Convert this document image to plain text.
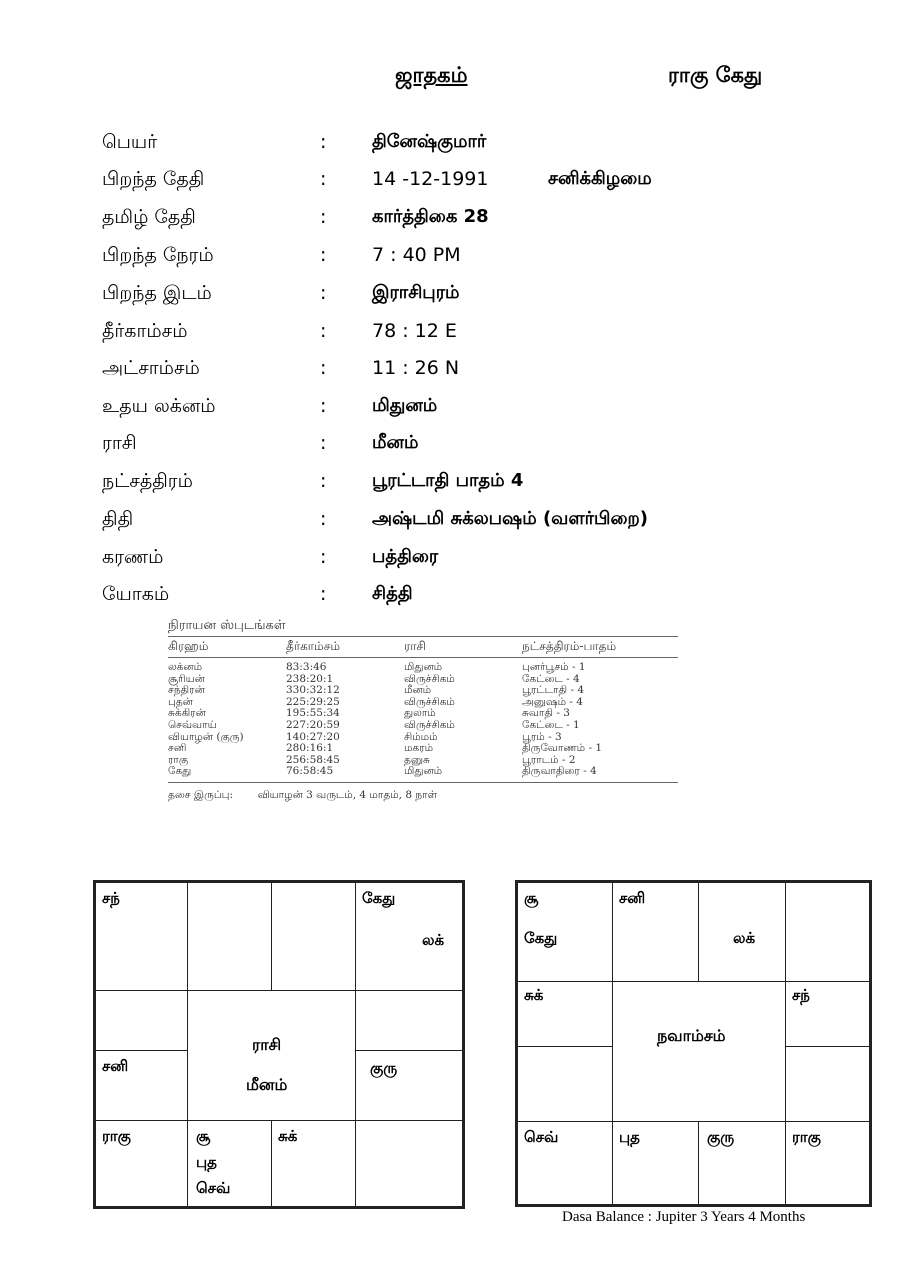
ஜாதகம்	ராகு கேது
பெயர்	:	தினேஷ்குமார்
பிறந்த தேதி	: 14 -12-1991	சனிக்கிழமை
தமிழ் தேதி	:	கார்த்திகை 28
பிறந்த நேரம்	: 7 : 40 PM
பிறந்த இடம்	:	இராசிபுரம்
தீர்காம்சம்	: 78 : 12 E
அட்சாம்சம்	: 11 : 26 N
உதய லக்னம்	:	மிதுனம்
ராசி	:	மீனம்
நட்சத்திரம்	:	பூரட்டாதி பாதம் 4
திதி	:	அஷ்டமி சுக்லபஷம் (வளர்பிறை)
கரணம்	:	பத்திரை
யோகம்	:	சித்தி
நிராயன ஸ்புடங்கள்
கிரஹம்	தீர்காம்சம்	ராசி	நட்சத்திரம்-பாதம்

லக்னம்	83:3:46	மிதுனம்	புனர்பூசம் - 1
சூரியன்	238:20:1	விருச்சிகம்	கேட்டை - 4
சந்திரன்	330:32:12	மீனம்	பூரட்டாதி - 4
புதன்	225:29:25	விருச்சிகம்	அனுஷம் - 4
சுக்கிரன்	195:55:34	துலாம்	சுவாதி - 3
செவ்வாய்	227:20:59	விருச்சிகம்	கேட்டை - 1
வியாழன் (குரு)	140:27:20	சிம்மம்	பூரம் - 3
சனி	280:16:1	மகரம்	திருவோணம் - 1
ராகு	256:58:45	தனுசு	பூராடம் - 2
கேது	76:58:45	மிதுனம்	திருவாதிரை - 4
தசை இருப்பு: வியாழன் 3 வருடம், 4 மாதம், 8 நாள்
சந்	கேது
லக்
சனி
ராசி
மீனம்
குரு
ராகு	சூ
புத
செவ்
சுக்
சூ
கேது
சனி
லக்
சுக்
நவாம்சம்
சந்
செவ்	புத	குரு	ராகு
Dasa Balance : Jupiter 3 Years 4 Months
